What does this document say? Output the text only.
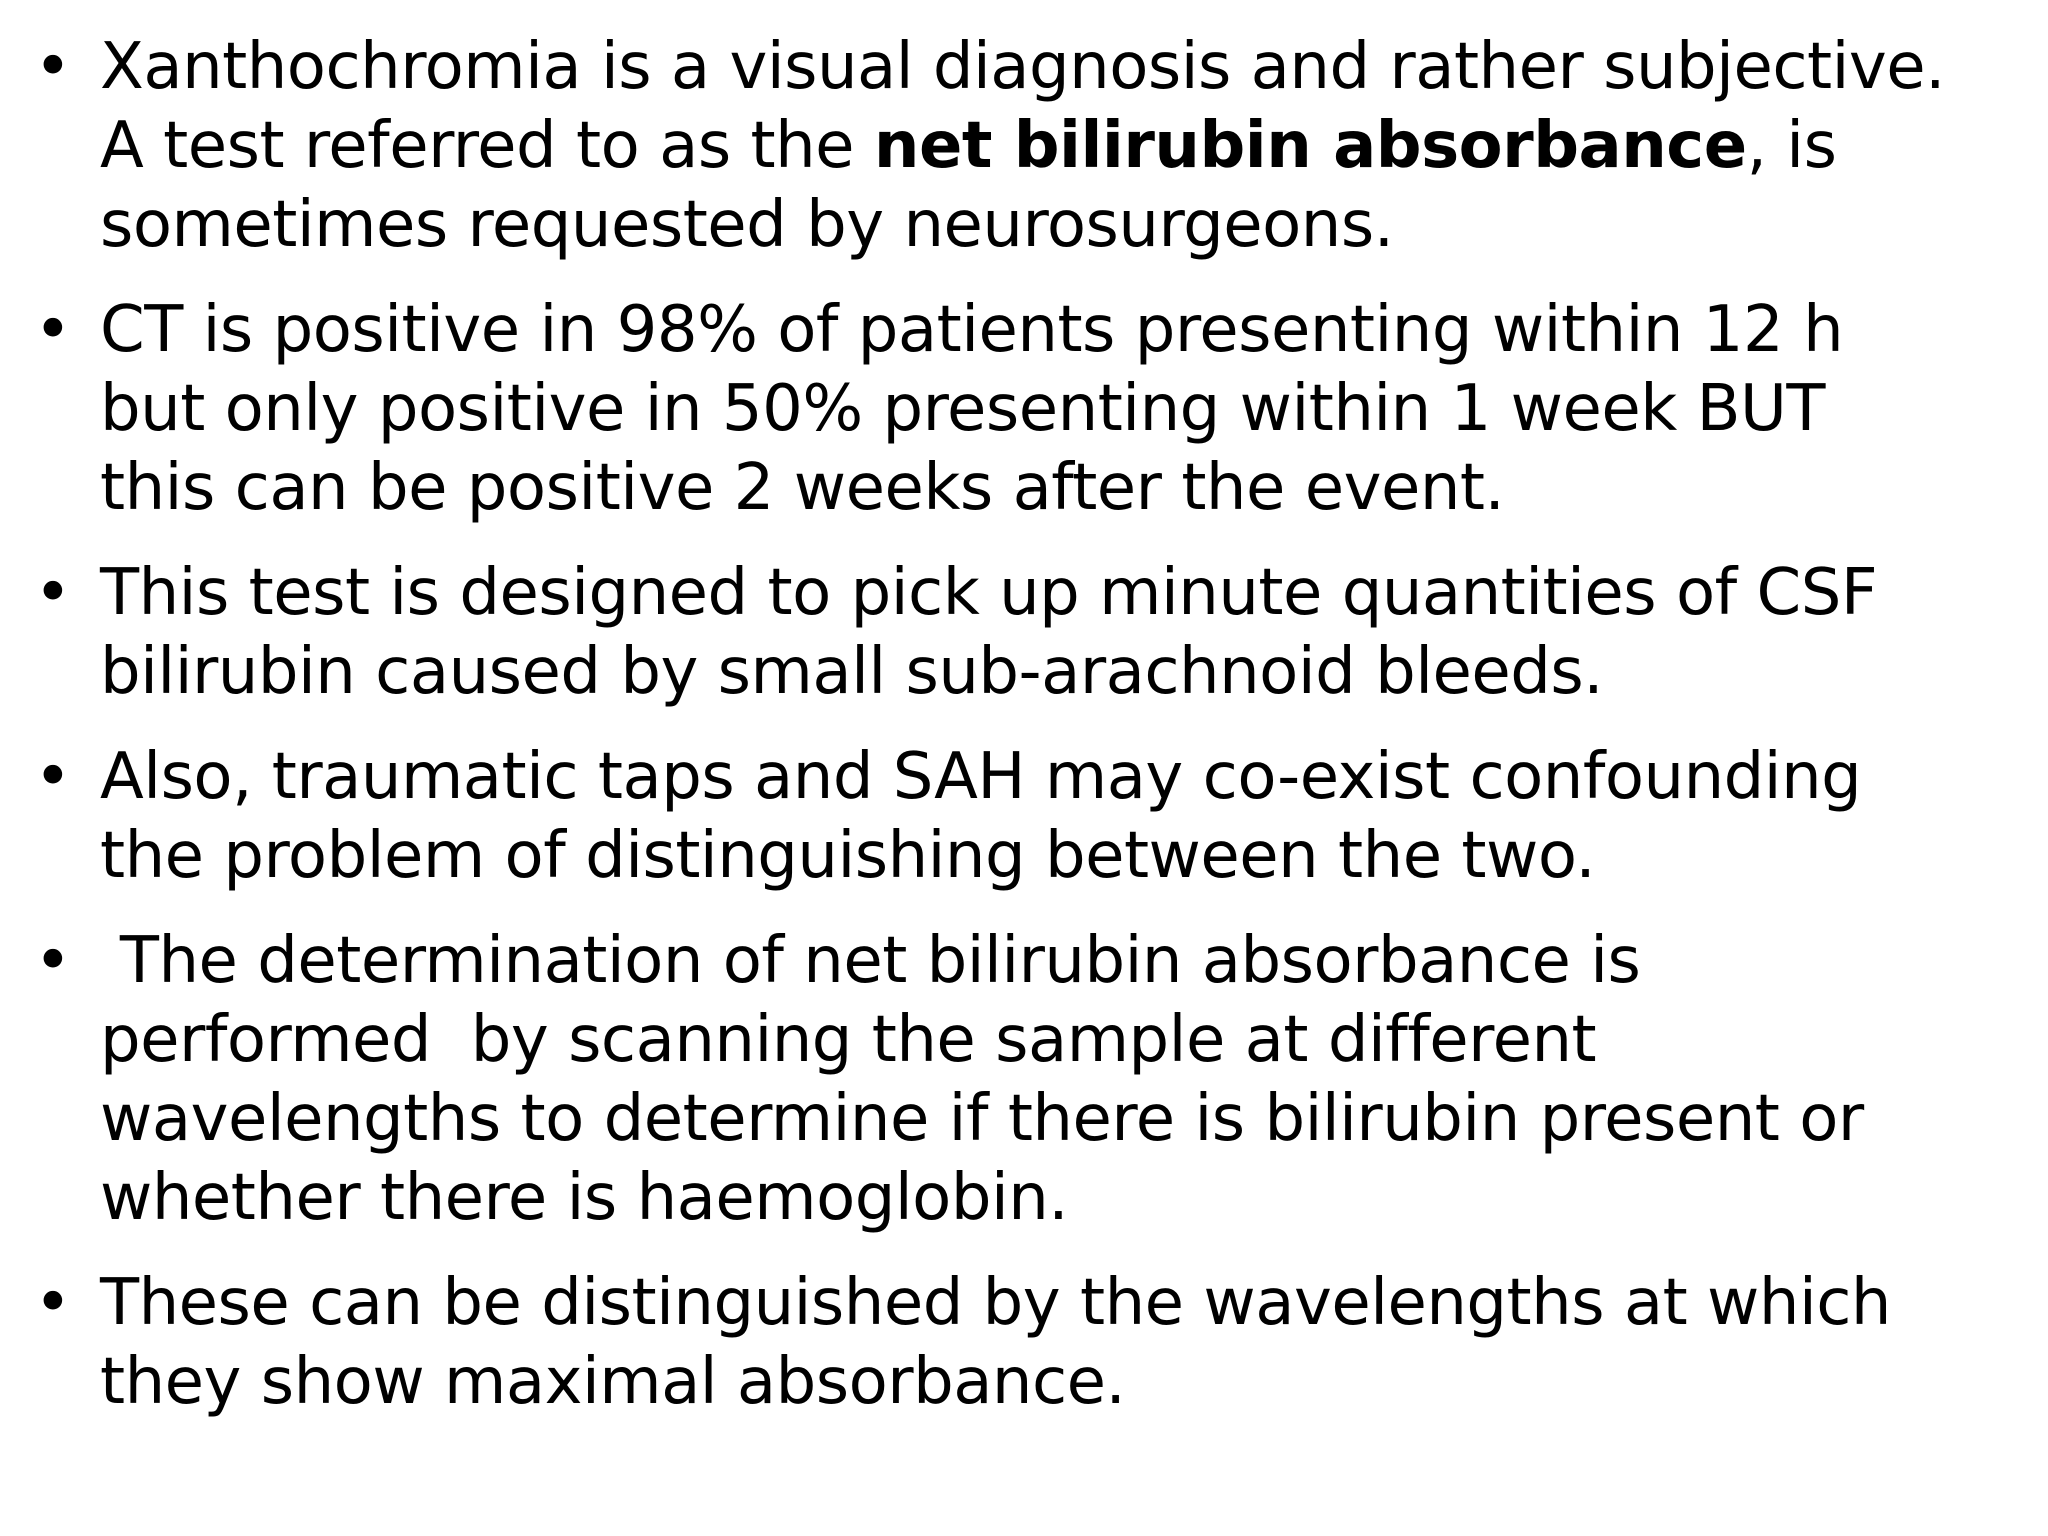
• Xanthochromia is a visual diagnosis and rather subjective.
A test referred to as the net bilirubin absorbance, is
sometimes requested by neurosurgeons.
• CT is positive in 98% of patients presenting within 12 h
but only positive in 50% presenting within 1 week BUT
this can be positive 2 weeks after the event.
• This test is designed to pick up minute quantities of CSF
bilirubin caused by small sub-arachnoid bleeds.
• Also, traumatic taps and SAH may co-exist confounding
the problem of distinguishing between the two.
• The determination of net bilirubin absorbance is
performed  by scanning the sample at different
wavelengths to determine if there is bilirubin present or
whether there is haemoglobin.
• These can be distinguished by the wavelengths at which
they show maximal absorbance.
